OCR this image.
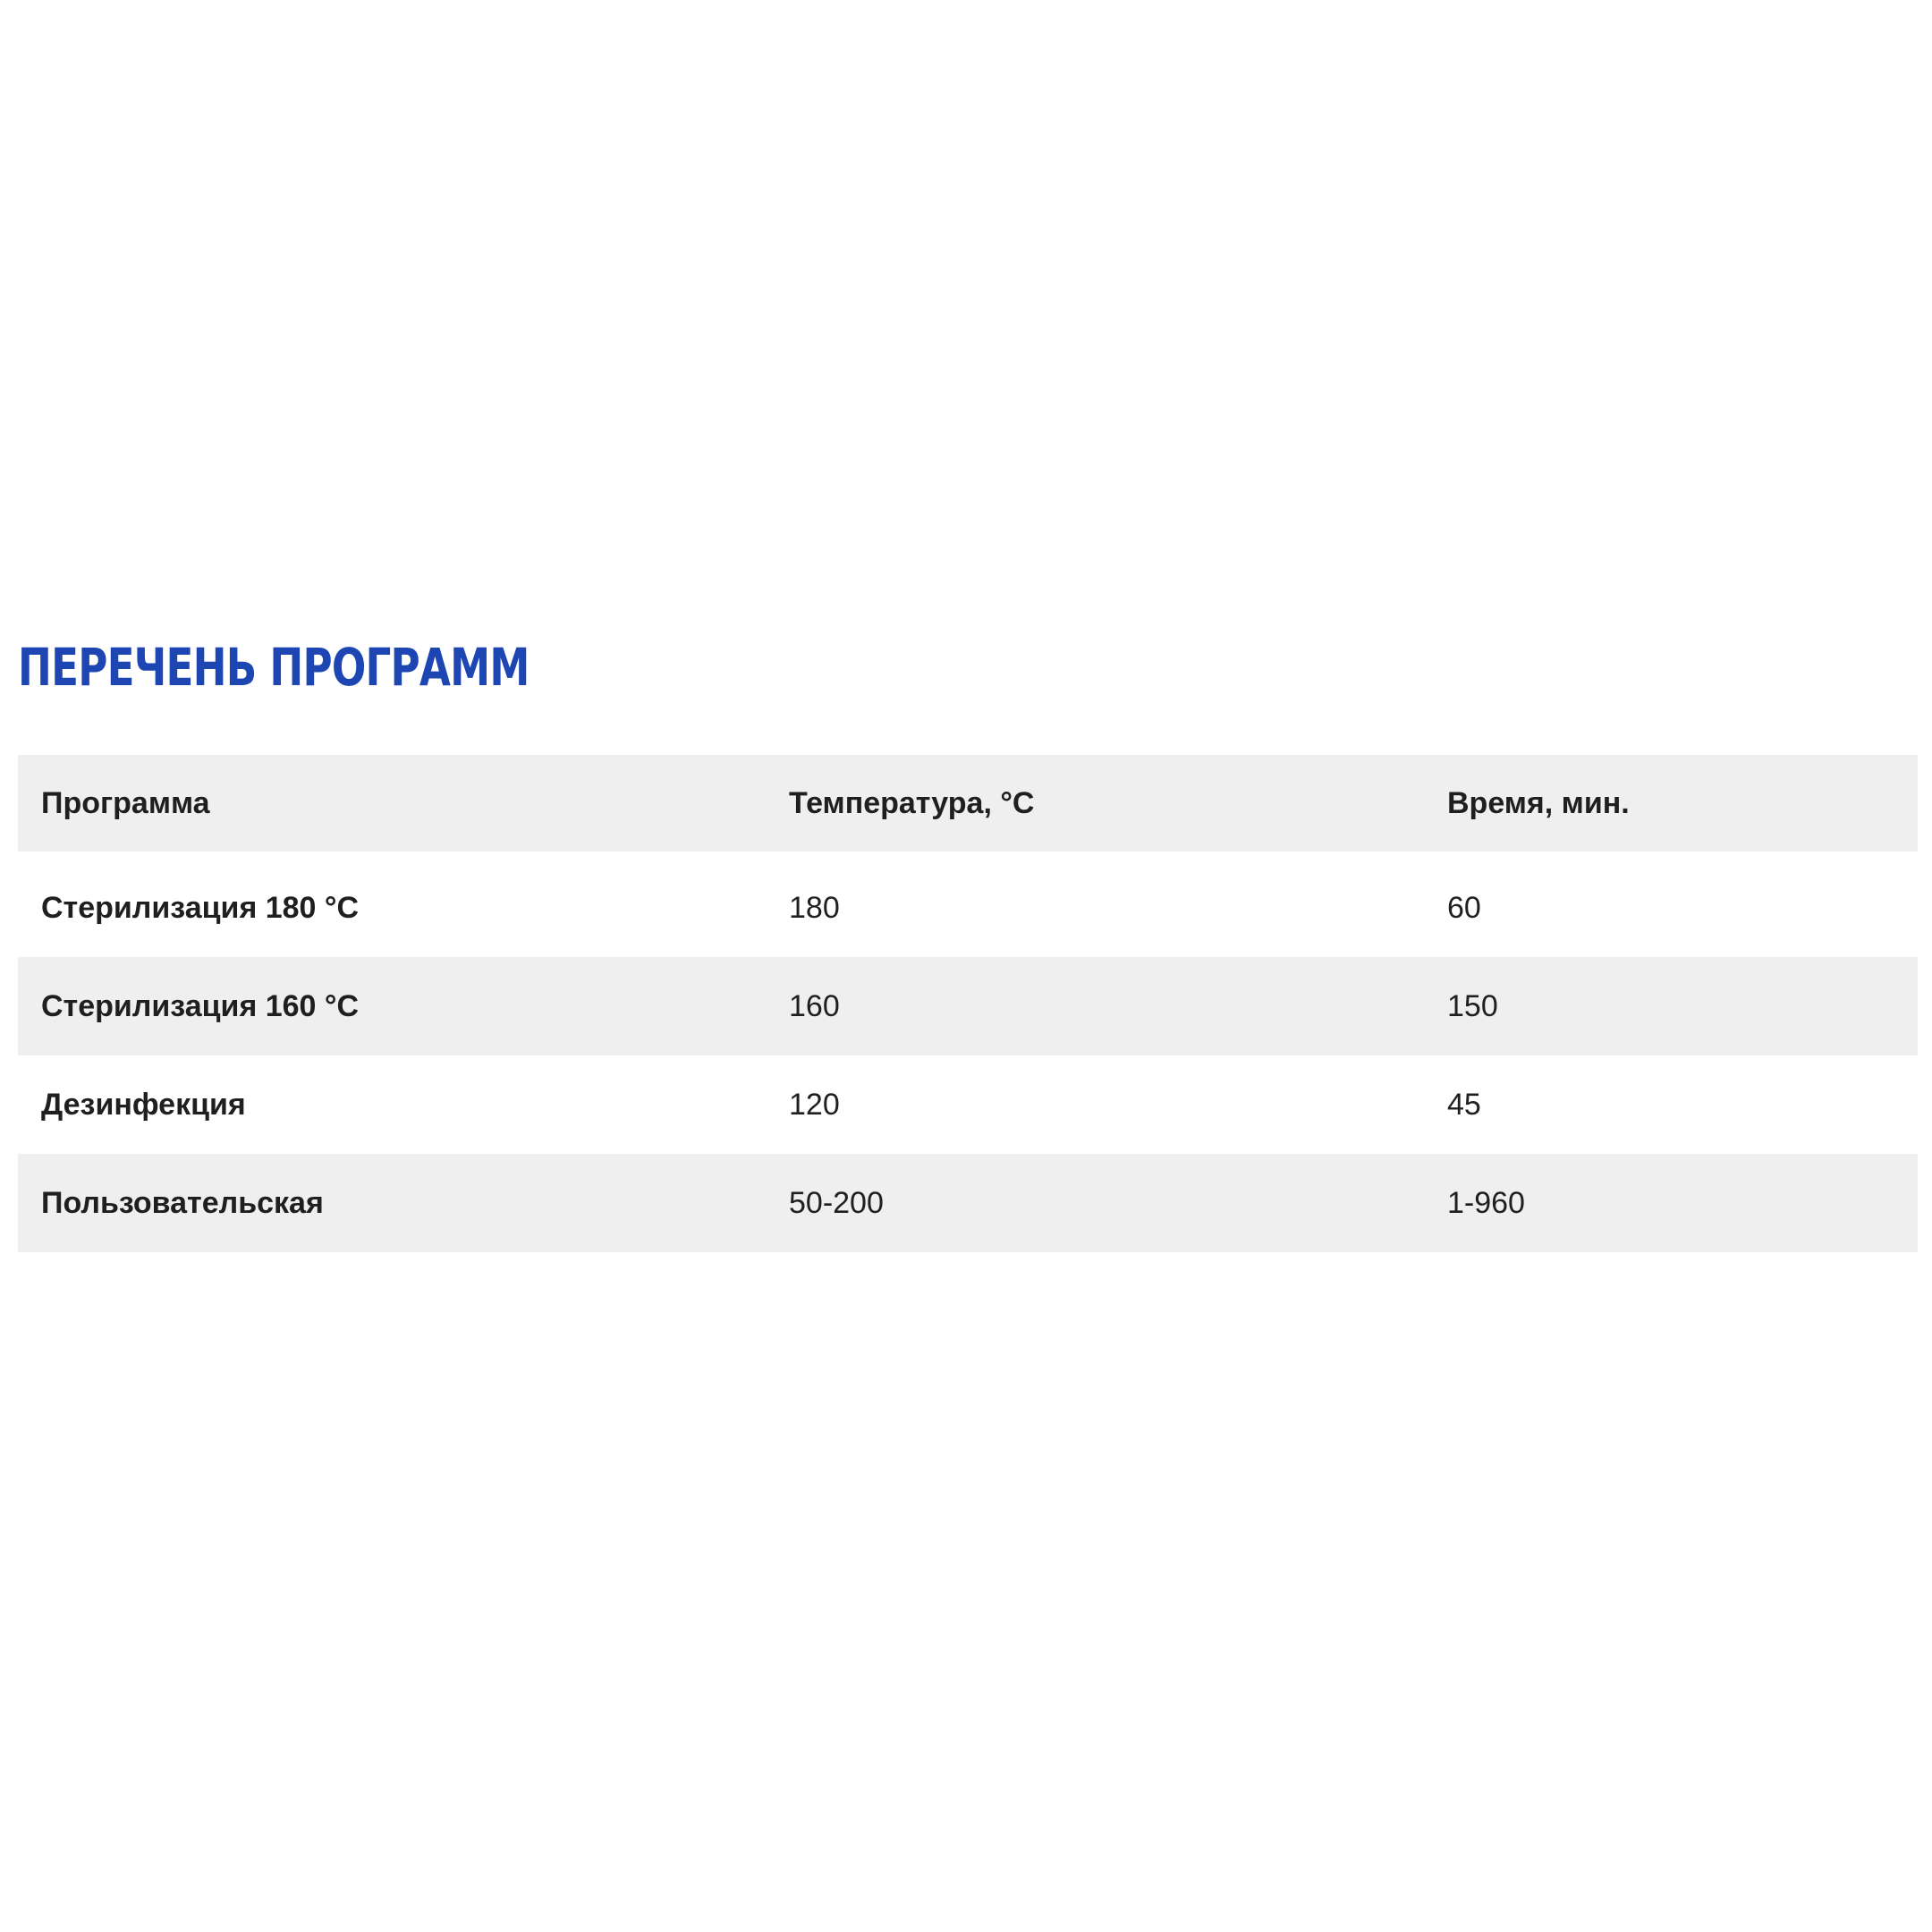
ПЕРЕЧЕНЬ ПРОГРАММ
Программа	Температура, °С	Время, мин.
Стерилизация 180 °С	180	60
Стерилизация 160 °С	160	150
Дезинфекция	120	45
Пользовательская	50-200	1-960
